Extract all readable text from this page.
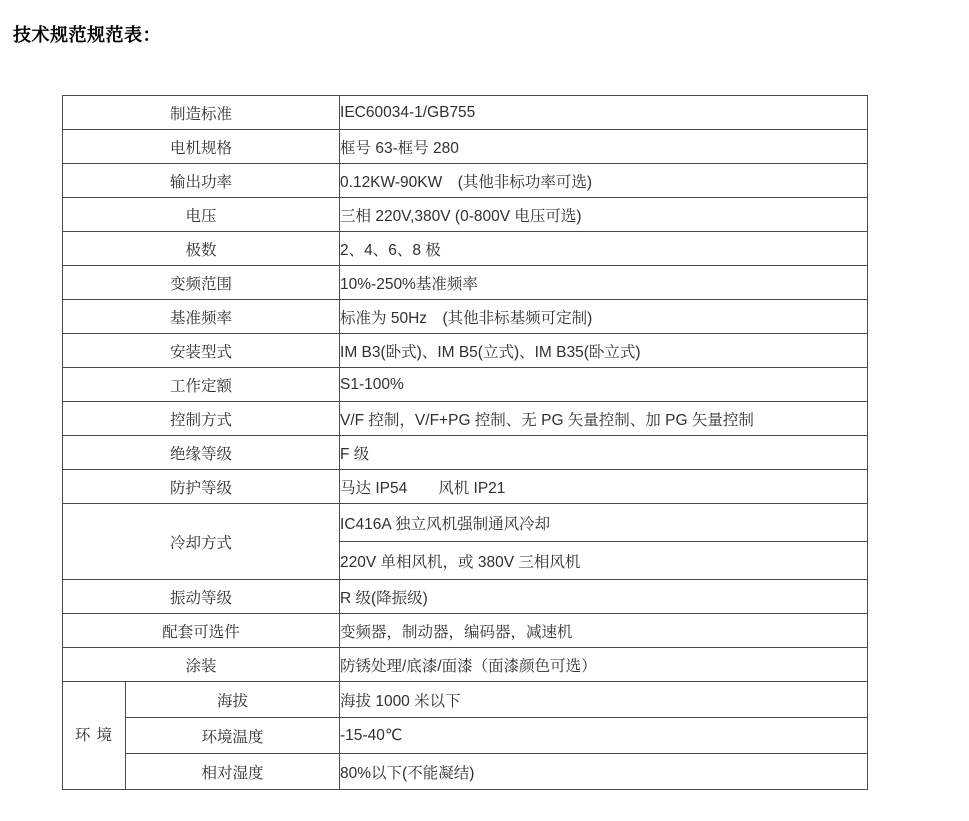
技术规范规范表：
制造标准		IEC60034-1/GB755
电机规格		框号 63-框号 280
输出功率		0.12KW-90KW　(其他非标功率可选)
电压		三相 220V,380V (0-800V 电压可选)
极数		2、4、6、8 极
变频范围		10%-250%基准频率
基准频率		标准为 50Hz　(其他非标基频可定制)
安装型式		IM B3(卧式)、IM B5(立式)、IM B35(卧立式)
工作定额		S1-100%
控制方式		V/F 控制，V/F+PG 控制、无 PG 矢量控制、加 PG 矢量控制
绝缘等级		F 级
防护等级		马达 IP54　　风机 IP21
冷却方式		IC416A 独立风机强制通风冷却
		220V 单相风机，或 380V 三相风机
振动等级		R 级(降振级)
配套可选件		变频器，制动器，编码器，减速机
涂装		防锈处理/底漆/面漆（面漆颜色可选）
环 境	海拔	海拔 1000 米以下
	环境温度	-15-40℃
	相对湿度	80%以下(不能凝结)
